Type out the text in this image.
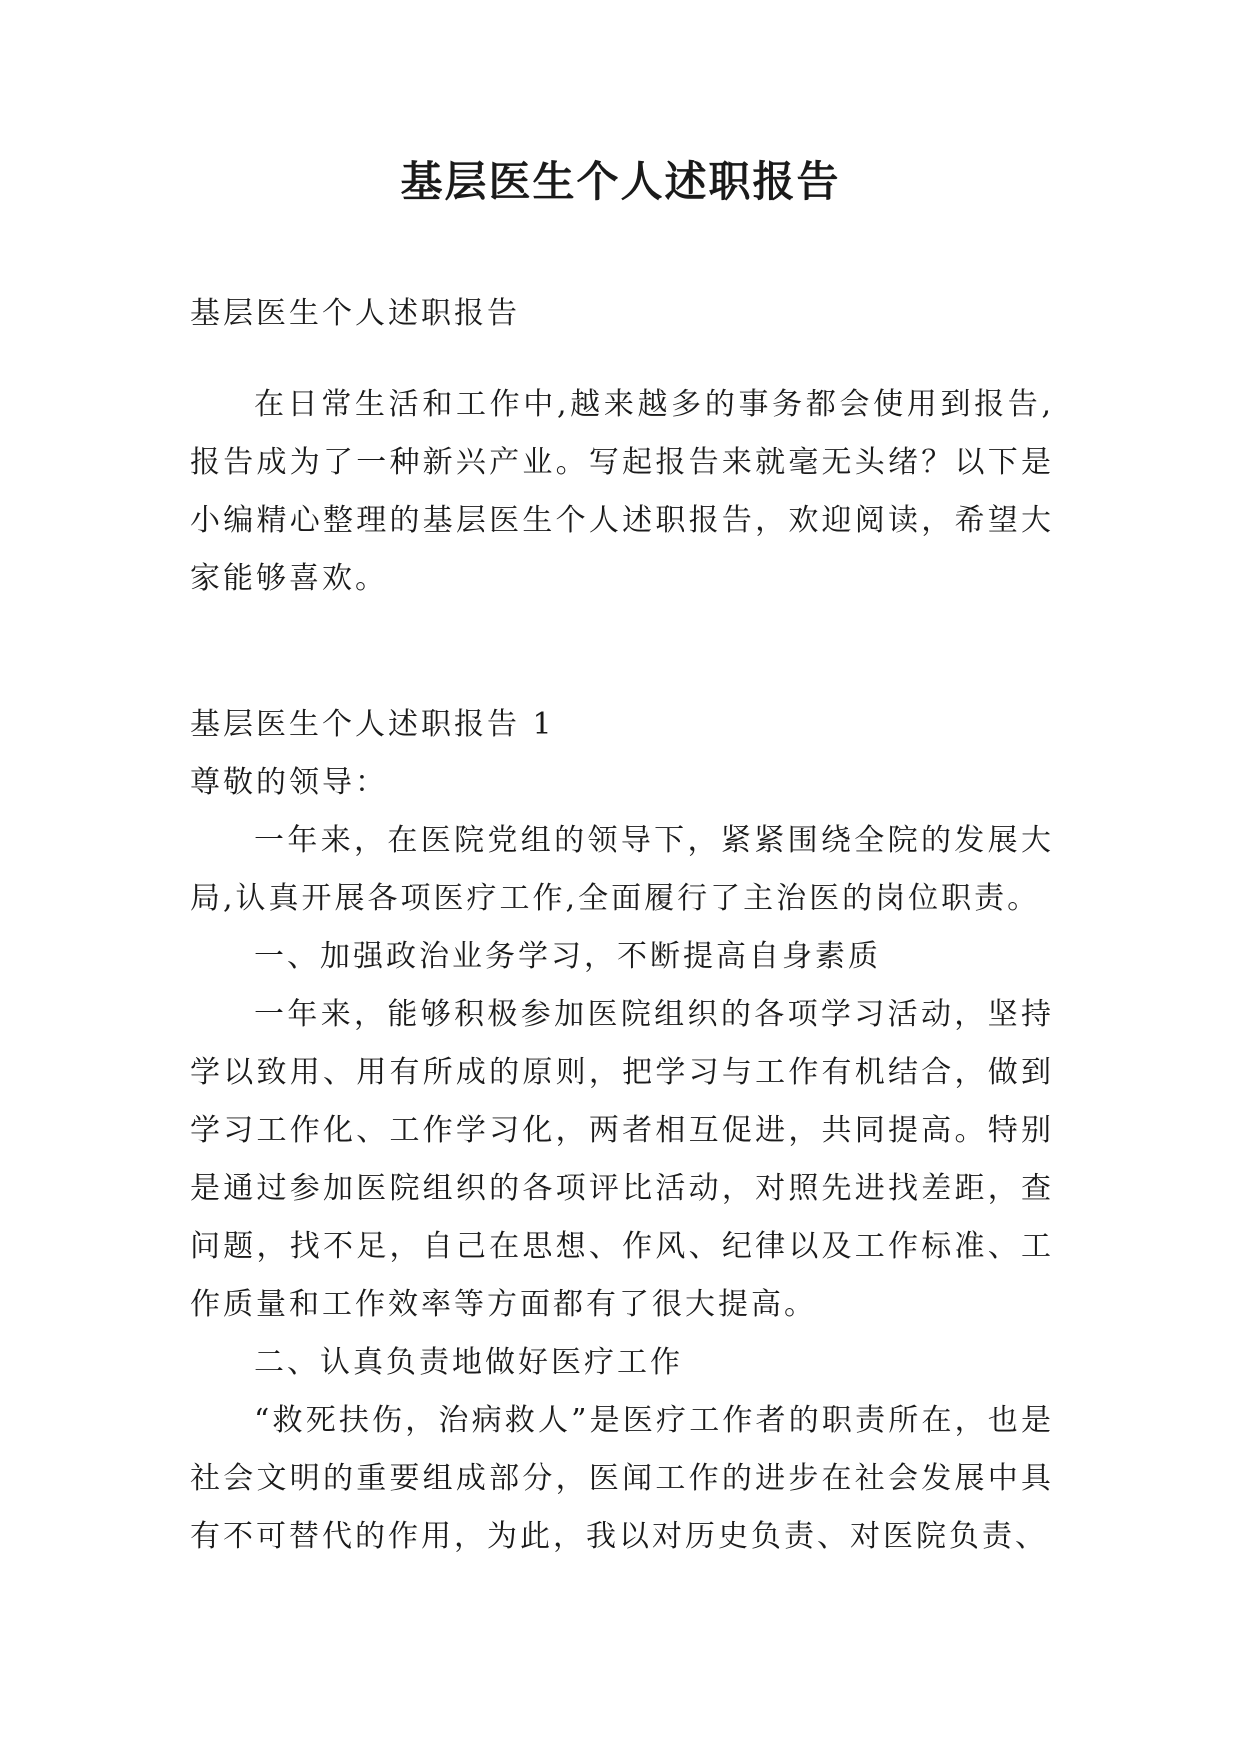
基层医生个人述职报告

基层医生个人述职报告

在日常生活和工作中,越来越多的事务都会使用到报告,报告成为了一种新兴产业。写起报告来就毫无头绪？以下是小编精心整理的基层医生个人述职报告，欢迎阅读，希望大家能够喜欢。

基层医生个人述职报告 1

尊敬的领导：

一年来，在医院党组的领导下，紧紧围绕全院的发展大局,认真开展各项医疗工作,全面履行了主治医的岗位职责。

一、加强政治业务学习，不断提高自身素质

一年来，能够积极参加医院组织的各项学习活动，坚持学以致用、用有所成的原则，把学习与工作有机结合，做到学习工作化、工作学习化，两者相互促进，共同提高。特别是通过参加医院组织的各项评比活动，对照先进找差距，查问题，找不足，自己在思想、作风、纪律以及工作标准、工作质量和工作效率等方面都有了很大提高。

二、认真负责地做好医疗工作

“救死扶伤，治病救人”是医疗工作者的职责所在，也是社会文明的重要组成部分，医闻工作的进步在社会发展中具有不可替代的作用，为此，我以对历史负责、对医院负责、
